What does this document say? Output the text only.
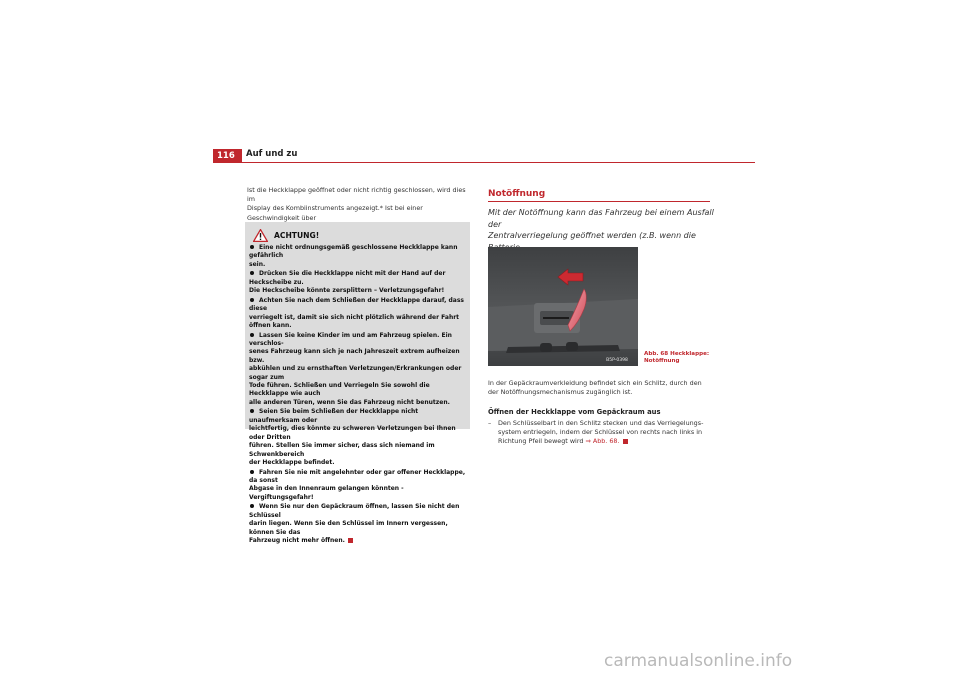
116	Auf und zu
Ist die Heckklappe geöffnet oder nicht richtig geschlossen, wird dies im
Display des Kombiinstruments angezeigt.* Ist bei einer Geschwindigkeit über
ACHTUNG!

Eine nicht ordnungsgemäß geschlossene Heckklappe kann gefährlich
sein.

Drücken Sie die Heckklappe nicht mit der Hand auf der Heckscheibe zu.
Die Heckscheibe könnte zersplittern – Verletzungsgefahr!

Achten Sie nach dem Schließen der Heckklappe darauf, dass diese
verriegelt ist, damit sie sich nicht plötzlich während der Fahrt öffnen kann.

Lassen Sie keine Kinder im und am Fahrzeug spielen. Ein verschlos-
senes Fahrzeug kann sich je nach Jahreszeit extrem aufheizen bzw.
abkühlen und zu ernsthaften Verletzungen/Erkrankungen oder sogar zum
Tode führen. Schließen und Verriegeln Sie sowohl die Heckklappe wie auch
alle anderen Türen, wenn Sie das Fahrzeug nicht benutzen.

Seien Sie beim Schließen der Heckklappe nicht unaufmerksam oder
leichtfertig, dies könnte zu schweren Verletzungen bei Ihnen oder Dritten
führen. Stellen Sie immer sicher, dass sich niemand im Schwenkbereich
der Heckklappe befindet.

Fahren Sie nie mit angelehnter oder gar offener Heckklappe, da sonst
Abgase in den Innenraum gelangen könnten - Vergiftungsgefahr!

Wenn Sie nur den Gepäckraum öffnen, lassen Sie nicht den Schlüssel
darin liegen. Wenn Sie den Schlüssel im Innern vergessen, können Sie das
Fahrzeug nicht mehr öffnen.

Notöffnung
Mit der Notöffnung kann das Fahrzeug bei einem Ausfall der
Zentralverriegelung geöffnet werden (z.B. wenn die
B5P-0398
Abb. 68 Heckklappe:
Notöffnung
In der Gepäckraumverkleidung befindet sich ein Schlitz, durch den
der Notöffnungsmechanismus zugänglich ist.
Öffnen der Heckklappe vom Gepäckraum aus
–	Den Schlüsselbart in den Schlitz stecken und das Verriegelungs-
system entriegeln, indem der Schlüssel von rechts nach links in
Richtung Pfeil bewegt wird ⇒ Abb. 68.
carmanualsonline.info
